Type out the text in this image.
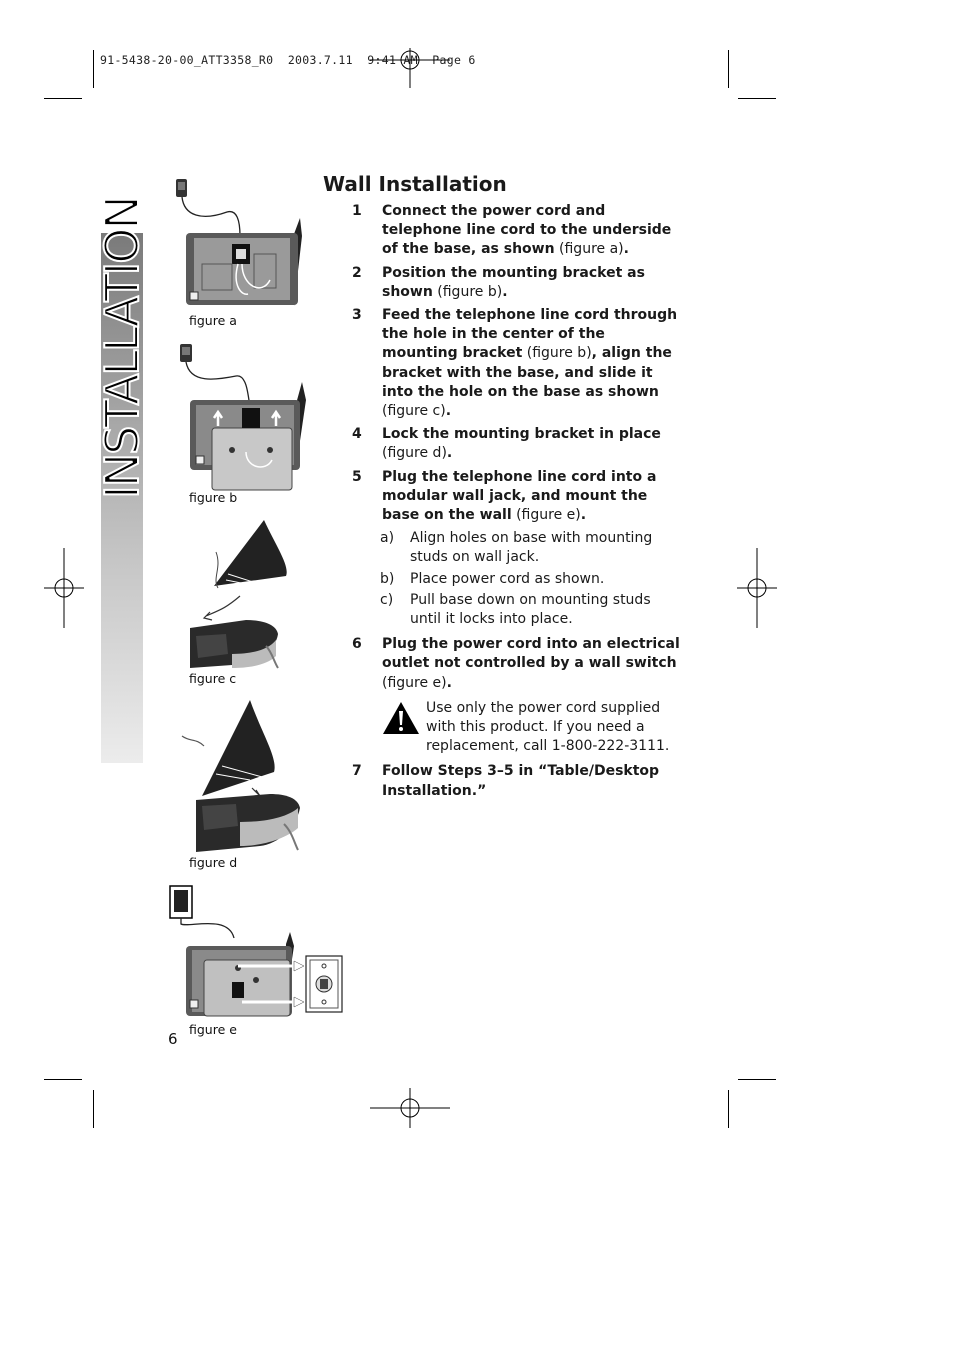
91-5438-20-00_ATT3358_R0  2003.7.11  9:41 AM  Page 6
INSTALLATION	figure a
figure b
figure c
figure d
figure e
6
Wall Installation
1 Connect the power cord and telephone line cord to the underside of the base, as shown (figure a).
2 Position the mounting bracket as shown (figure b).
3 Feed the telephone line cord through the hole in the center of the mounting bracket (figure b), align the bracket with the base, and slide it into the hole on the base as shown (figure c).
4 Lock the mounting bracket in place (figure d).
5 Plug the telephone line cord into a modular wall jack, and mount the base on the wall (figure e).
a) Align holes on base with mounting studs on wall jack.
b) Place power cord as shown.
c) Pull base down on mounting studs until it locks into place.
6 Plug the power cord into an electrical outlet not controlled by a wall switch (figure e).
Use only the power cord supplied with this product. If you need a replacement, call 1-800-222-3111.
7 Follow Steps 3–5 in “Table/Desktop Installation.”
